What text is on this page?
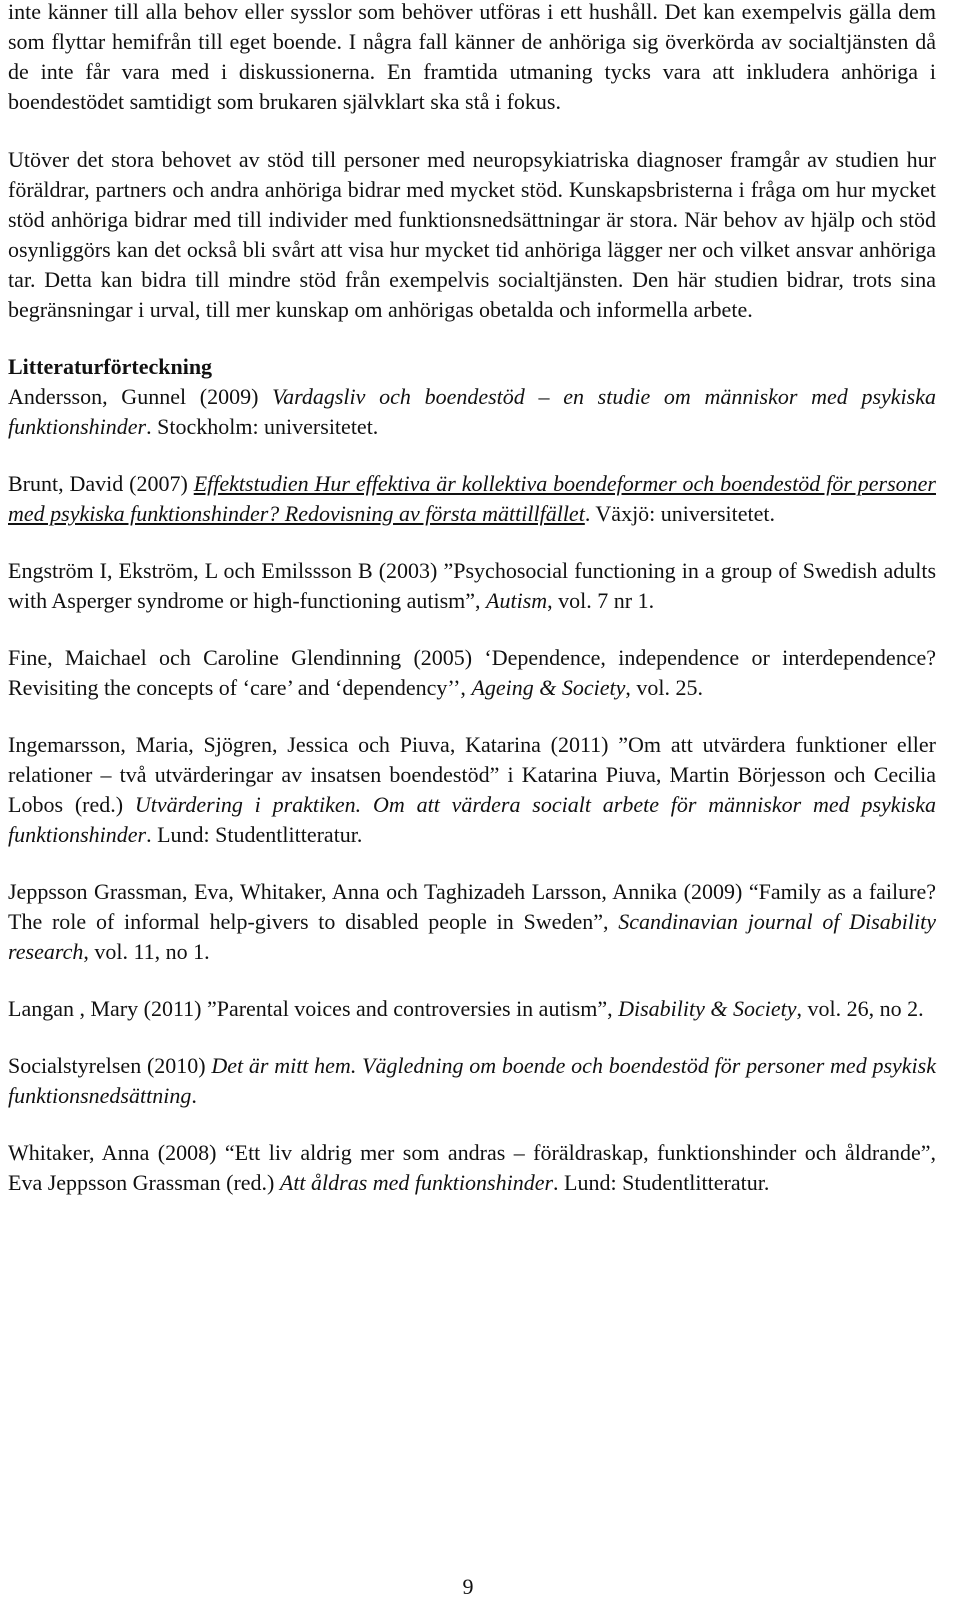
inte känner till alla behov eller sysslor som behöver utföras i ett hushåll. Det kan exempelvis gälla dem som flyttar hemifrån till eget boende. I några fall känner de anhöriga sig överkörda av socialtjänsten då de inte får vara med i diskussionerna. En framtida utmaning tycks vara att inkludera anhöriga i boendestödet samtidigt som brukaren självklart ska stå i fokus.

Utöver det stora behovet av stöd till personer med neuropsykiatriska diagnoser framgår av studien hur föräldrar, partners och andra anhöriga bidrar med mycket stöd. Kunskapsbristerna i fråga om hur mycket stöd anhöriga bidrar med till individer med funktionsnedsättningar är stora. När behov av hjälp och stöd osynliggörs kan det också bli svårt att visa hur mycket tid anhöriga lägger ner och vilket ansvar anhöriga tar. Detta kan bidra till mindre stöd från exempelvis socialtjänsten. Den här studien bidrar, trots sina begränsningar i urval, till mer kunskap om anhörigas obetalda och informella arbete.

Litteraturförteckning

Andersson, Gunnel (2009) Vardagsliv och boendestöd – en studie om människor med psykiska funktionshinder. Stockholm: universitetet.

Brunt, David (2007) Effektstudien Hur effektiva är kollektiva boendeformer och boendestöd för personer med psykiska funktionshinder? Redovisning av första mättillfället. Växjö: universitetet.

Engström I, Ekström, L och Emilssson B (2003) ”Psychosocial functioning in a group of Swedish adults with Asperger syndrome or high-functioning autism”, Autism, vol. 7 nr 1.

Fine, Maichael och Caroline Glendinning (2005) ‘Dependence, independence or interdependence? Revisiting the concepts of ‘care’ and ‘dependency’’, Ageing & Society, vol. 25.

Ingemarsson, Maria, Sjögren, Jessica och Piuva, Katarina (2011) ”Om att utvärdera funktioner eller relationer – två utvärderingar av insatsen boendestöd” i Katarina Piuva, Martin Börjesson och Cecilia Lobos (red.) Utvärdering i praktiken. Om att värdera socialt arbete för människor med psykiska funktionshinder. Lund: Studentlitteratur.

Jeppsson Grassman, Eva, Whitaker, Anna och Taghizadeh Larsson, Annika (2009) “Family as a failure? The role of informal help-givers to disabled people in Sweden”, Scandinavian journal of Disability research, vol. 11, no 1.

Langan , Mary (2011) ”Parental voices and controversies in autism”, Disability & Society, vol. 26, no 2.

Socialstyrelsen (2010) Det är mitt hem. Vägledning om boende och boendestöd för personer med psykisk funktionsnedsättning.

Whitaker, Anna (2008) “Ett liv aldrig mer som andras – föräldraskap, funktionshinder och åldrande”, Eva Jeppsson Grassman (red.) Att åldras med funktionshinder. Lund: Studentlitteratur.

9
